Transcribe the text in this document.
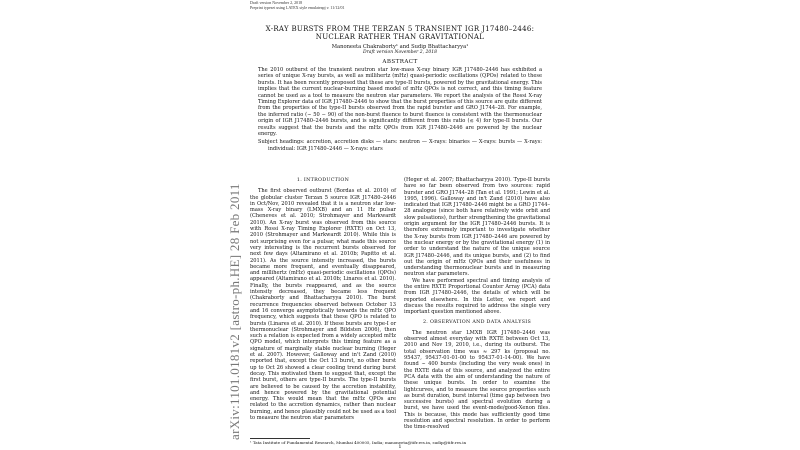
Draft version November 2, 2018
Preprint typeset using LATEX style emulateapj v. 11/12/01
arXiv:1101.0181v2 [astro-ph.HE] 28 Feb 2011
X-RAY BURSTS FROM THE TERZAN 5 TRANSIENT IGR J17480–2446: NUCLEAR RATHER THAN GRAVITATIONAL
Manoneeta Chakraborty¹ and Sudip Bhattacharyya¹
Draft version November 2, 2018
ABSTRACT
The 2010 outburst of the transient neutron star low-mass X-ray binary IGR J17480–2446 has exhibited a series of unique X-ray bursts, as well as millihertz (mHz) quasi-periodic oscillations (QPOs) related to these bursts. It has been recently proposed that these are type-II bursts, powered by the gravitational energy. This implies that the current nuclear-burning based model of mHz QPOs is not correct, and this timing feature cannot be used as a tool to measure the neutron star parameters. We report the analysis of the Rossi X-ray Timing Explorer data of IGR J17480–2446 to show that the burst properties of this source are quite different from the properties of the type-II bursts observed from the rapid burster and GRO J1744–28. For example, the inferred ratio (∼ 50 − 90) of the non-burst fluence to burst fluence is consistent with the thermonuclear origin of IGR J17480–2446 bursts, and is significantly different from this ratio (≲ 4) for type-II bursts. Our results suggest that the bursts and the mHz QPOs from IGR J17480–2446 are powered by the nuclear energy.
Subject headings: accretion, accretion disks — stars: neutron — X-rays: binaries — X-rays: bursts — X-rays: individual: IGR J17480–2446 — X-rays: stars
1. INTRODUCTION

The first observed outburst (Bordas et al. 2010) of the globular cluster Terzan 5 source IGR J17480–2446 in Oct/Nov, 2010 revealed that it is a neutron star low-mass X-ray binary (LMXB) and an 11 Hz pulsar (Cheneves et al. 2010; Strohmayer and Markwardt 2010). An X-ray burst was observed from this source with Rossi X-ray Timing Explorer (RXTE) on Oct 13, 2010 (Strohmayer and Markwardt 2010). While this is not surprising even for a pulsar, what made this source very interesting is the recurrent bursts observed for next few days (Altamirano et al. 2010b; Papitto et al. 2011). As the source intensity increased, the bursts became more frequent, and eventually disappeared, and millihertz (mHz) quasi-periodic oscillations (QPOs) appeared (Altamirano et al. 2010b; Linares et al. 2010). Finally, the bursts reappeared, and as the source intensity decreased, they became less frequent (Chakraborty and Bhattacharyya 2010). The burst recurrence frequencies observed between October 13 and 16 converge asymptotically towards the mHz QPO frequency, which suggests that these QPO is related to bursts (Linares et al. 2010). If these bursts are type-I or thermonuclear (Strohmayer and Bildsten 2006), then such a relation is expected from a widely accepted mHz QPO model, which interprets this timing feature as a signature of marginally stable nuclear burning (Heger et al. 2007). However, Galloway and in't Zand (2010) reported that, except the Oct 13 burst, no other burst up to Oct 26 showed a clear cooling trend during burst decay. This motivated them to suggest that, except the first burst, others are type-II bursts. The type-II bursts are believed to be caused by the accretion instability, and hence powered by the gravitational potential energy. This would mean that the mHz QPOs are related to the accretion dynamics, rather than nuclear burning, and hence plausibly could not be used as a tool to measure the neutron star parameters

(Heger et al. 2007; Bhattacharyya 2010). Type-II bursts have so far been observed from two sources: rapid burster and GRO J1744–28 (Tan et al. 1991; Lewin et al. 1995, 1996). Galloway and in't Zand (2010) have also indicated that IGR J17480–2446 might be a GRO J1744–28 analogue (since both have relatively wide orbit and slow pulsations), further strengthening the gravitational origin argument for the IGR J17480–2446 bursts. It is therefore extremely important to investigate whether the X-ray bursts from IGR J17480–2446 are powered by the nuclear energy or by the gravitational energy (1) in order to understand the nature of the unique source IGR J17480–2446, and its unique bursts, and (2) to find out the origin of mHz QPOs and their usefulness in understanding thermonuclear bursts and in measuring neutron star parameters.

We have performed spectral and timing analysis of the entire RXTE Proportional Counter Array (PCA) data from IGR J17480–2446, the details of which will be reported elsewhere. In this Letter, we report and discuss the results required to address the single very important question mentioned above.

2. OBSERVATION AND DATA ANALYSIS

The neutron star LMXB IGR J17480–2446 was observed almost everyday with RXTE between Oct 13, 2010 and Nov 19, 2010, i.e., during its outburst. The total observation time was ≈ 297 ks (proposal no. 95437, 95437-01-01-00 to 95437-01-14-00). We have found ∼ 400 bursts (including the very weak ones) in the RXTE data of this source, and analyzed the entire PCA data with the aim of understanding the nature of these unique bursts. In order to examine the lightcurves, and to measure the source properties such as burst duration, burst interval (time gap between two successive bursts) and spectral evolution during a burst, we have used the event-mode/good-Xenon files. This is because, this mode has sufficiently good time resolution and spectral resolution. In order to perform the time-resolved

¹ Tata Institute of Fundamental Research, Mumbai 400005, India; manoneeta@tifr.res.in, sudip@tifr.res.in
1
